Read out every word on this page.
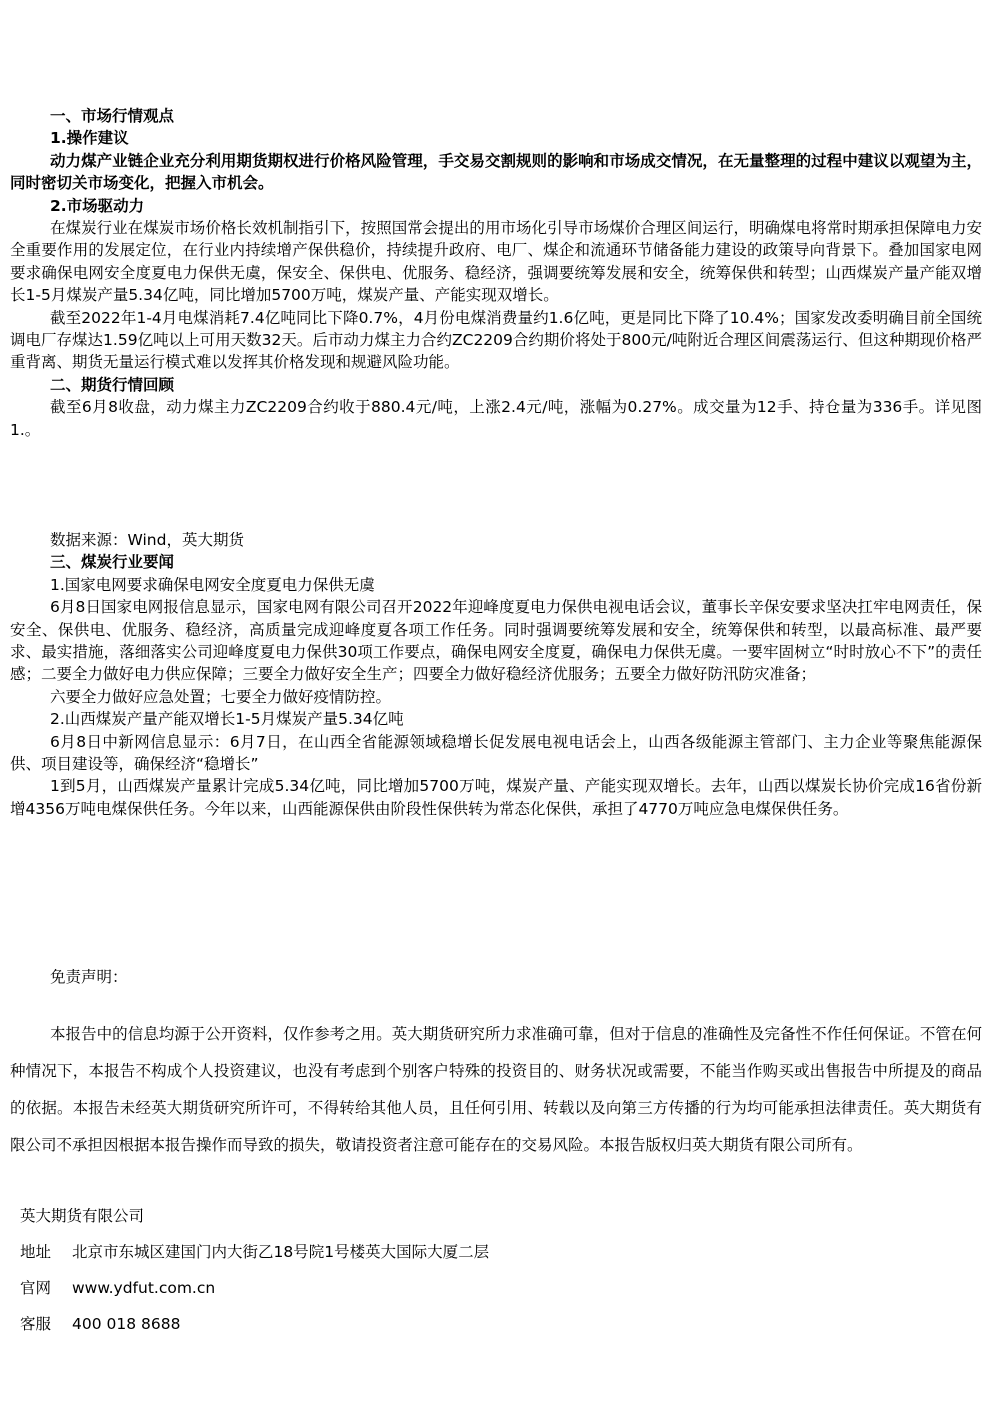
一、市场行情观点

1.操作建议

动力煤产业链企业充分利用期货期权进行价格风险管理，手交易交割规则的影响和市场成交情况，在无量整理的过程中建议以观望为主，同时密切关市场变化，把握入市机会。

2.市场驱动力

在煤炭行业在煤炭市场价格长效机制指引下，按照国常会提出的用市场化引导市场煤价合理区间运行，明确煤电将常时期承担保障电力安全重要作用的发展定位，在行业内持续增产保供稳价，持续提升政府、电厂、煤企和流通环节储备能力建设的政策导向背景下。叠加国家电网要求确保电网安全度夏电力保供无虞，保安全、保供电、优服务、稳经济，强调要统筹发展和安全，统筹保供和转型；山西煤炭产量产能双增长1-5月煤炭产量5.34亿吨，同比增加5700万吨，煤炭产量、产能实现双增长。

截至2022年1-4月电煤消耗7.4亿吨同比下降0.7%，4月份电煤消费量约1.6亿吨，更是同比下降了10.4%；国家发改委明确目前全国统调电厂存煤达1.59亿吨以上可用天数32天。后市动力煤主力合约ZC2209合约期价将处于800元/吨附近合理区间震荡运行、但这种期现价格严重背离、期货无量运行模式难以发挥其价格发现和规避风险功能。

二、期货行情回顾

截至6月8收盘，动力煤主力ZC2209合约收于880.4元/吨，上涨2.4元/吨，涨幅为0.27%。成交量为12手、持仓量为336手。详见图1.。

数据来源：Wind，英大期货

三、煤炭行业要闻

1.国家电网要求确保电网安全度夏电力保供无虞

6月8日国家电网报信息显示，国家电网有限公司召开2022年迎峰度夏电力保供电视电话会议，董事长辛保安要求坚决扛牢电网责任，保安全、保供电、优服务、稳经济，高质量完成迎峰度夏各项工作任务。同时强调要统筹发展和安全，统筹保供和转型，以最高标准、最严要求、最实措施，落细落实公司迎峰度夏电力保供30项工作要点，确保电网安全度夏，确保电力保供无虞。一要牢固树立“时时放心不下”的责任感；二要全力做好电力供应保障；三要全力做好安全生产；四要全力做好稳经济优服务；五要全力做好防汛防灾准备；

六要全力做好应急处置；七要全力做好疫情防控。

2.山西煤炭产量产能双增长1-5月煤炭产量5.34亿吨

6月8日中新网信息显示：6月7日，在山西全省能源领域稳增长促发展电视电话会上，山西各级能源主管部门、主力企业等聚焦能源保供、项目建设等，确保经济“稳增长”

1到5月，山西煤炭产量累计完成5.34亿吨，同比增加5700万吨，煤炭产量、产能实现双增长。去年，山西以煤炭长协价完成16省份新增4356万吨电煤保供任务。今年以来，山西能源保供由阶段性保供转为常态化保供，承担了4770万吨应急电煤保供任务。

免责声明：

本报告中的信息均源于公开资料，仅作参考之用。英大期货研究所力求准确可靠，但对于信息的准确性及完备性不作任何保证。不管在何种情况下，本报告不构成个人投资建议，也没有考虑到个别客户特殊的投资目的、财务状况或需要，不能当作购买或出售报告中所提及的商品的依据。本报告未经英大期货研究所许可，不得转给其他人员，且任何引用、转载以及向第三方传播的行为均可能承担法律责任。英大期货有限公司不承担因根据本报告操作而导致的损失，敬请投资者注意可能存在的交易风险。本报告版权归英大期货有限公司所有。

英大期货有限公司
地址 北京市东城区建国门内大街乙18号院1号楼英大国际大厦二层
官网 www.ydfut.com.cn
客服 400 018 8688
